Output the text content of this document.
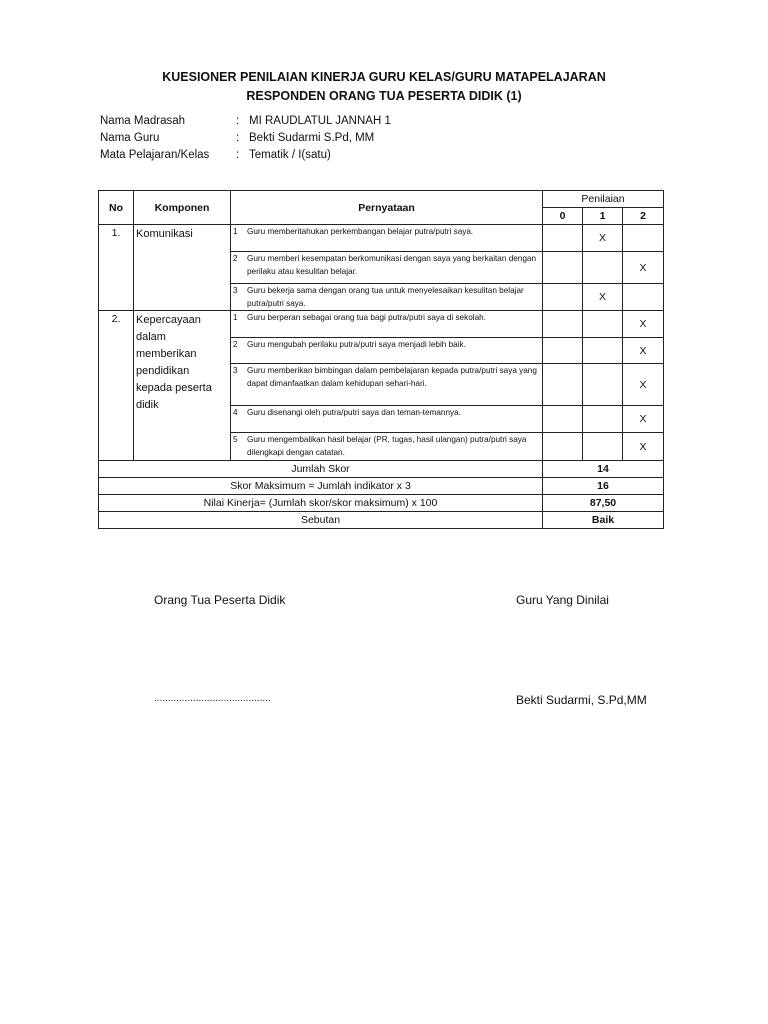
KUESIONER PENILAIAN KINERJA GURU KELAS/GURU MATAPELAJARAN
RESPONDEN ORANG TUA PESERTA DIDIK (1)
Nama Madrasah	: MI RAUDLATUL JANNAH 1
Nama Guru	: Bekti Sudarmi S.Pd, MM
Mata Pelajaran/Kelas : Tematik / I(satu)
No	Komponen	Pernyataan	Penilaian		
			0	1	2
1.	Komunikasi	1 Guru memberitahukan perkembangan belajar putra/putri saya.		X	

		2 Guru memberi kesempatan berkomunikasi dengan saya yang berkaitan dengan perilaku atau kesulitan belajar.			X

		3 Guru bekerja sama dengan orang tua untuk menyelesaikan kesulitan belajar putra/putri saya.		X	
2.	Kepercayaan dalam memberikan pendidikan kepada peserta didik	1 Guru berperan sebagai orang tua bagi putra/putri saya di sekolah.			X

		2 Guru mengubah perilaku putra/putri saya menjadi lebih baik.			X

		3 Guru memberikan bimbingan dalam pembelajaran kepada putra/putri saya yang dapat dimanfaatkan dalam kehidupan sehari-hari.			X

		4 Guru disenangi oleh putra/putri saya dan teman-temannya.			X

		5 Guru mengembalikan hasil belajar (PR, tugas, hasil ulangan) putra/putri saya dilengkapi dengan catatan.			X
Jumlah Skor			14		
Skor Maksimum = Jumlah indikator x 3			16		
Nilai Kinerja= (Jumlah skor/skor maksimum) x 100			87,50		
Sebutan			Baik		
Orang Tua Peserta Didik	Guru Yang Dinilai
..........................................	Bekti Sudarmi, S.Pd,MM
